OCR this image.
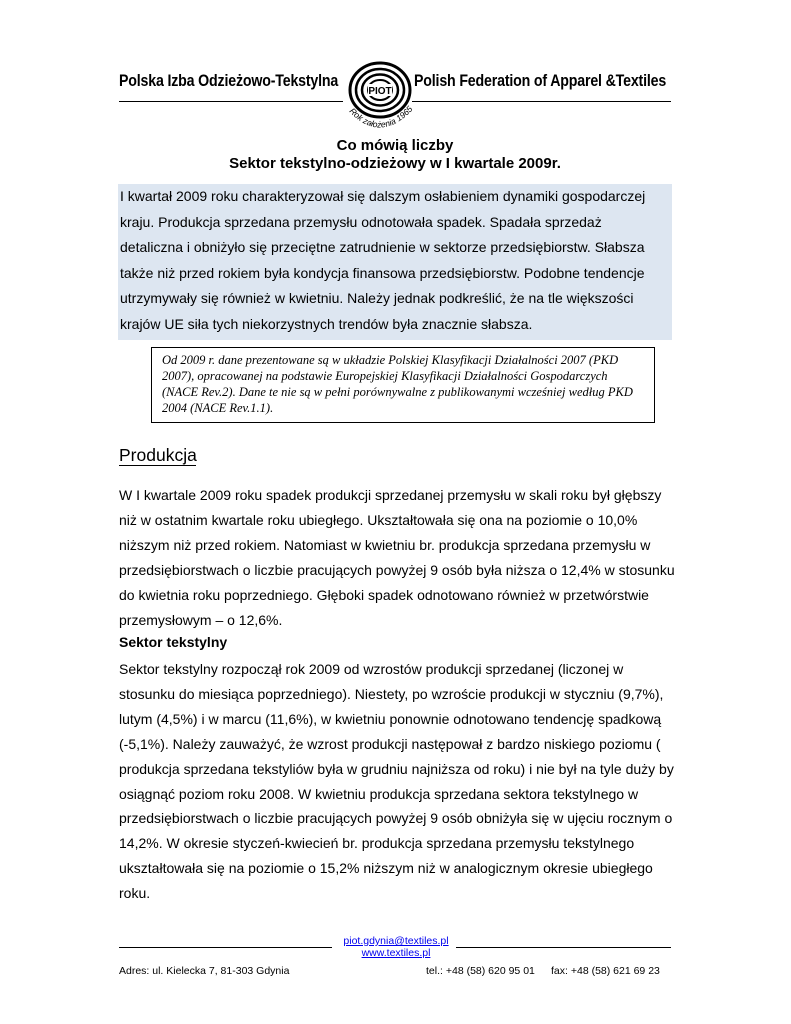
Polska Izba Odzieżowo-Tekstylna
PIOT
Rok założenia 1965
Polish Federation of Apparel &Textiles
Co mówią liczby
Sektor tekstylno-odzieżowy w I kwartale 2009r.

I kwartał 2009 roku charakteryzował się dalszym osłabieniem dynamiki gospodarczej kraju. Produkcja sprzedana przemysłu odnotowała spadek. Spadała sprzedaż detaliczna i obniżyło się przeciętne zatrudnienie w sektorze przedsiębiorstw. Słabsza także niż przed rokiem była kondycja finansowa przedsiębiorstw. Podobne tendencje utrzymywały się również w kwietniu. Należy jednak podkreślić, że na tle większości krajów UE siła tych niekorzystnych trendów była znacznie słabsza.

Od 2009 r. dane prezentowane są w układzie Polskiej Klasyfikacji Działalności 2007 (PKD 2007), opracowanej na podstawie Europejskiej Klasyfikacji Działalności Gospodarczych (NACE Rev.2). Dane te nie są w pełni porównywalne z publikowanymi wcześniej według PKD 2004 (NACE Rev.1.1).

Produkcja

W I kwartale 2009 roku spadek produkcji sprzedanej przemysłu w skali roku był głębszy niż w ostatnim kwartale roku ubiegłego. Ukształtowała się ona na poziomie o 10,0% niższym niż przed rokiem. Natomiast w kwietniu br. produkcja sprzedana przemysłu w przedsiębiorstwach o liczbie pracujących powyżej 9 osób była niższa o 12,4% w stosunku do kwietnia roku poprzedniego. Głęboki spadek odnotowano również w przetwórstwie przemysłowym – o 12,6%.

Sektor tekstylny

Sektor tekstylny rozpoczął rok 2009 od wzrostów produkcji sprzedanej (liczonej w stosunku do miesiąca poprzedniego). Niestety, po wzroście produkcji w styczniu (9,7%), lutym (4,5%) i w marcu (11,6%), w kwietniu ponownie odnotowano tendencję spadkową (-5,1%). Należy zauważyć, że wzrost produkcji następował z bardzo niskiego poziomu ( produkcja sprzedana tekstyliów była w grudniu najniższa od roku) i nie był na tyle duży by osiągnąć poziom roku 2008. W kwietniu produkcja sprzedana sektora tekstylnego w przedsiębiorstwach o liczbie pracujących powyżej 9 osób obniżyła się w ujęciu rocznym o 14,2%. W okresie styczeń-kwiecień br. produkcja sprzedana przemysłu tekstylnego ukształtowała się na poziomie o 15,2% niższym niż w analogicznym okresie ubiegłego roku.

piot.gdynia@textiles.pl
www.textiles.pl
Adres: ul. Kielecka 7, 81-303 Gdynia	tel.: +48 (58) 620 95 01 fax: +48 (58) 621 69 23
